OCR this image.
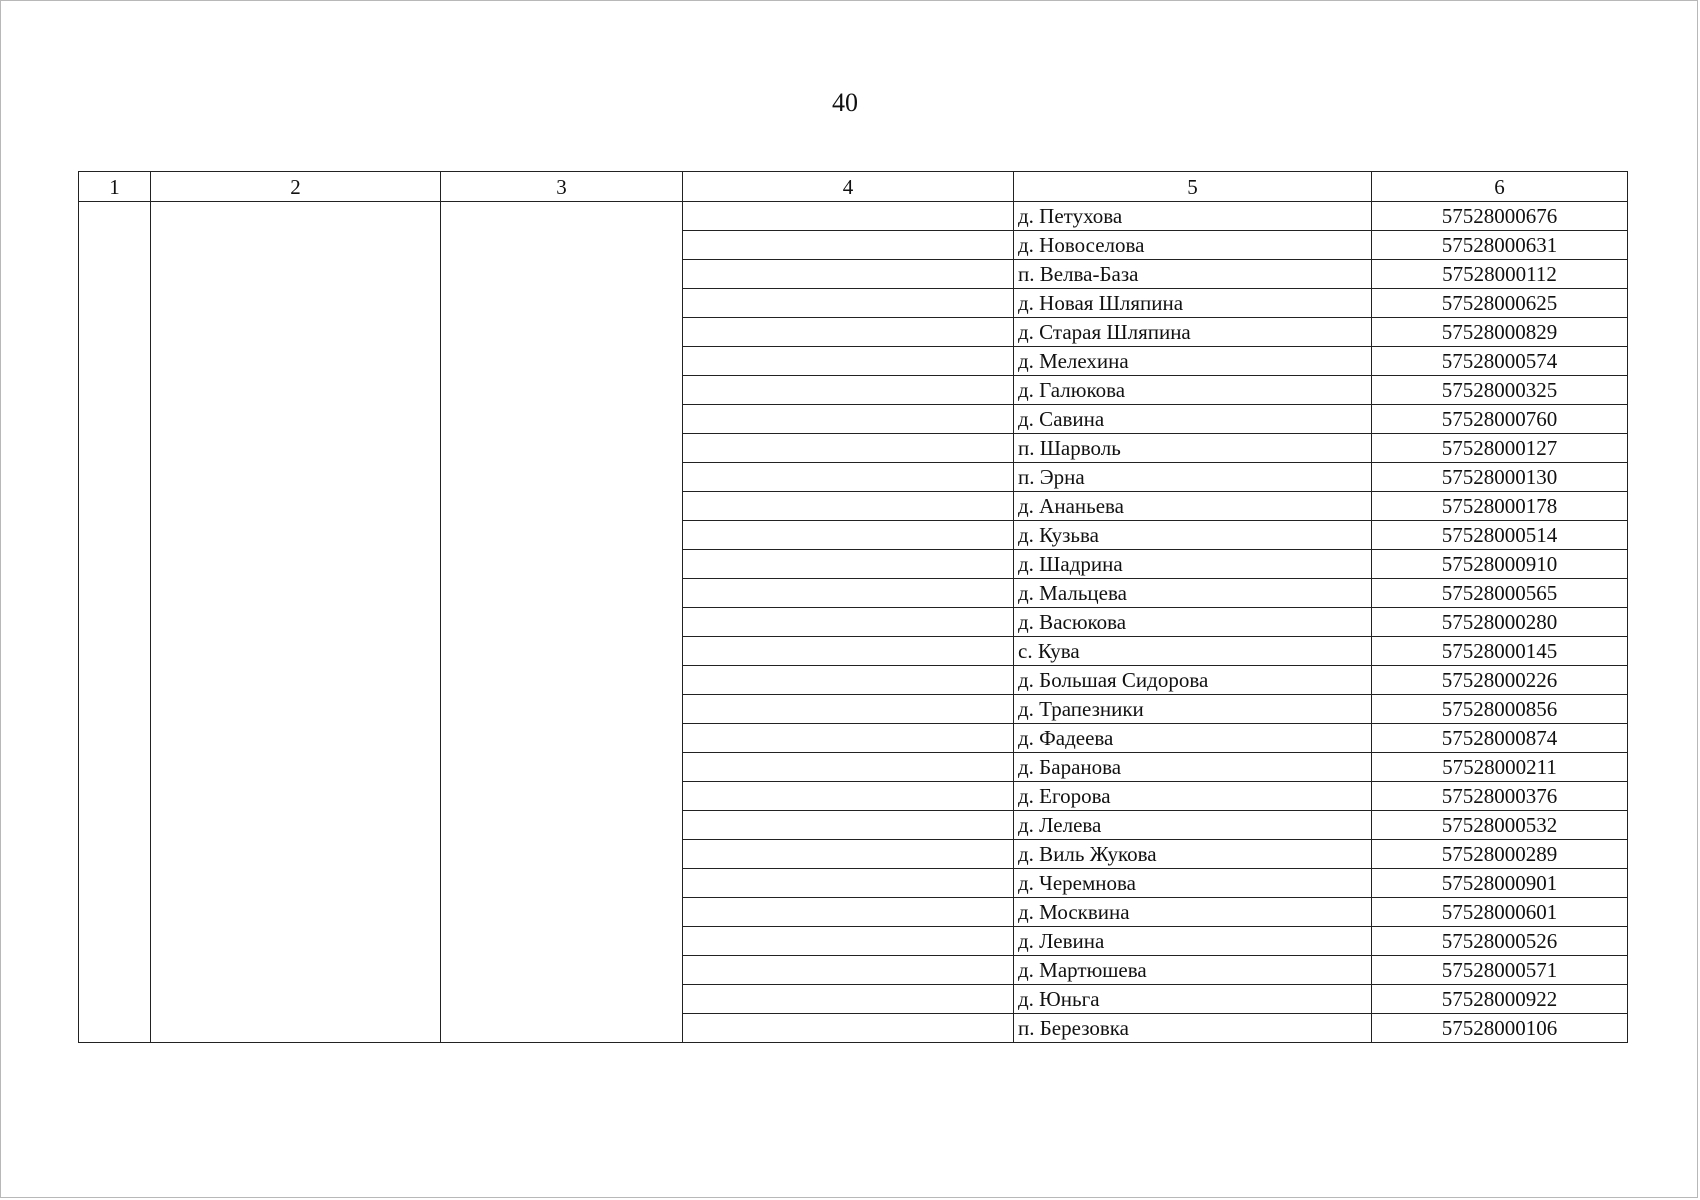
40
1	2	3	4	5	6
				д. Петухова	57528000676
				д. Новоселова	57528000631
				п. Велва-База	57528000112
				д. Новая Шляпина	57528000625
				д. Старая Шляпина	57528000829
				д. Мелехина	57528000574
				д. Галюкова	57528000325
				д. Савина	57528000760
				п. Шарволь	57528000127
				п. Эрна	57528000130
				д. Ананьева	57528000178
				д. Кузьва	57528000514
				д. Шадрина	57528000910
				д. Мальцева	57528000565
				д. Васюкова	57528000280
				с. Кува	57528000145
				д. Большая Сидорова	57528000226
				д. Трапезники	57528000856
				д. Фадеева	57528000874
				д. Баранова	57528000211
				д. Егорова	57528000376
				д. Лелева	57528000532
				д. Виль Жукова	57528000289
				д. Черемнова	57528000901
				д. Москвина	57528000601
				д. Левина	57528000526
				д. Мартюшева	57528000571
				д. Юньга	57528000922
				п. Березовка	57528000106
